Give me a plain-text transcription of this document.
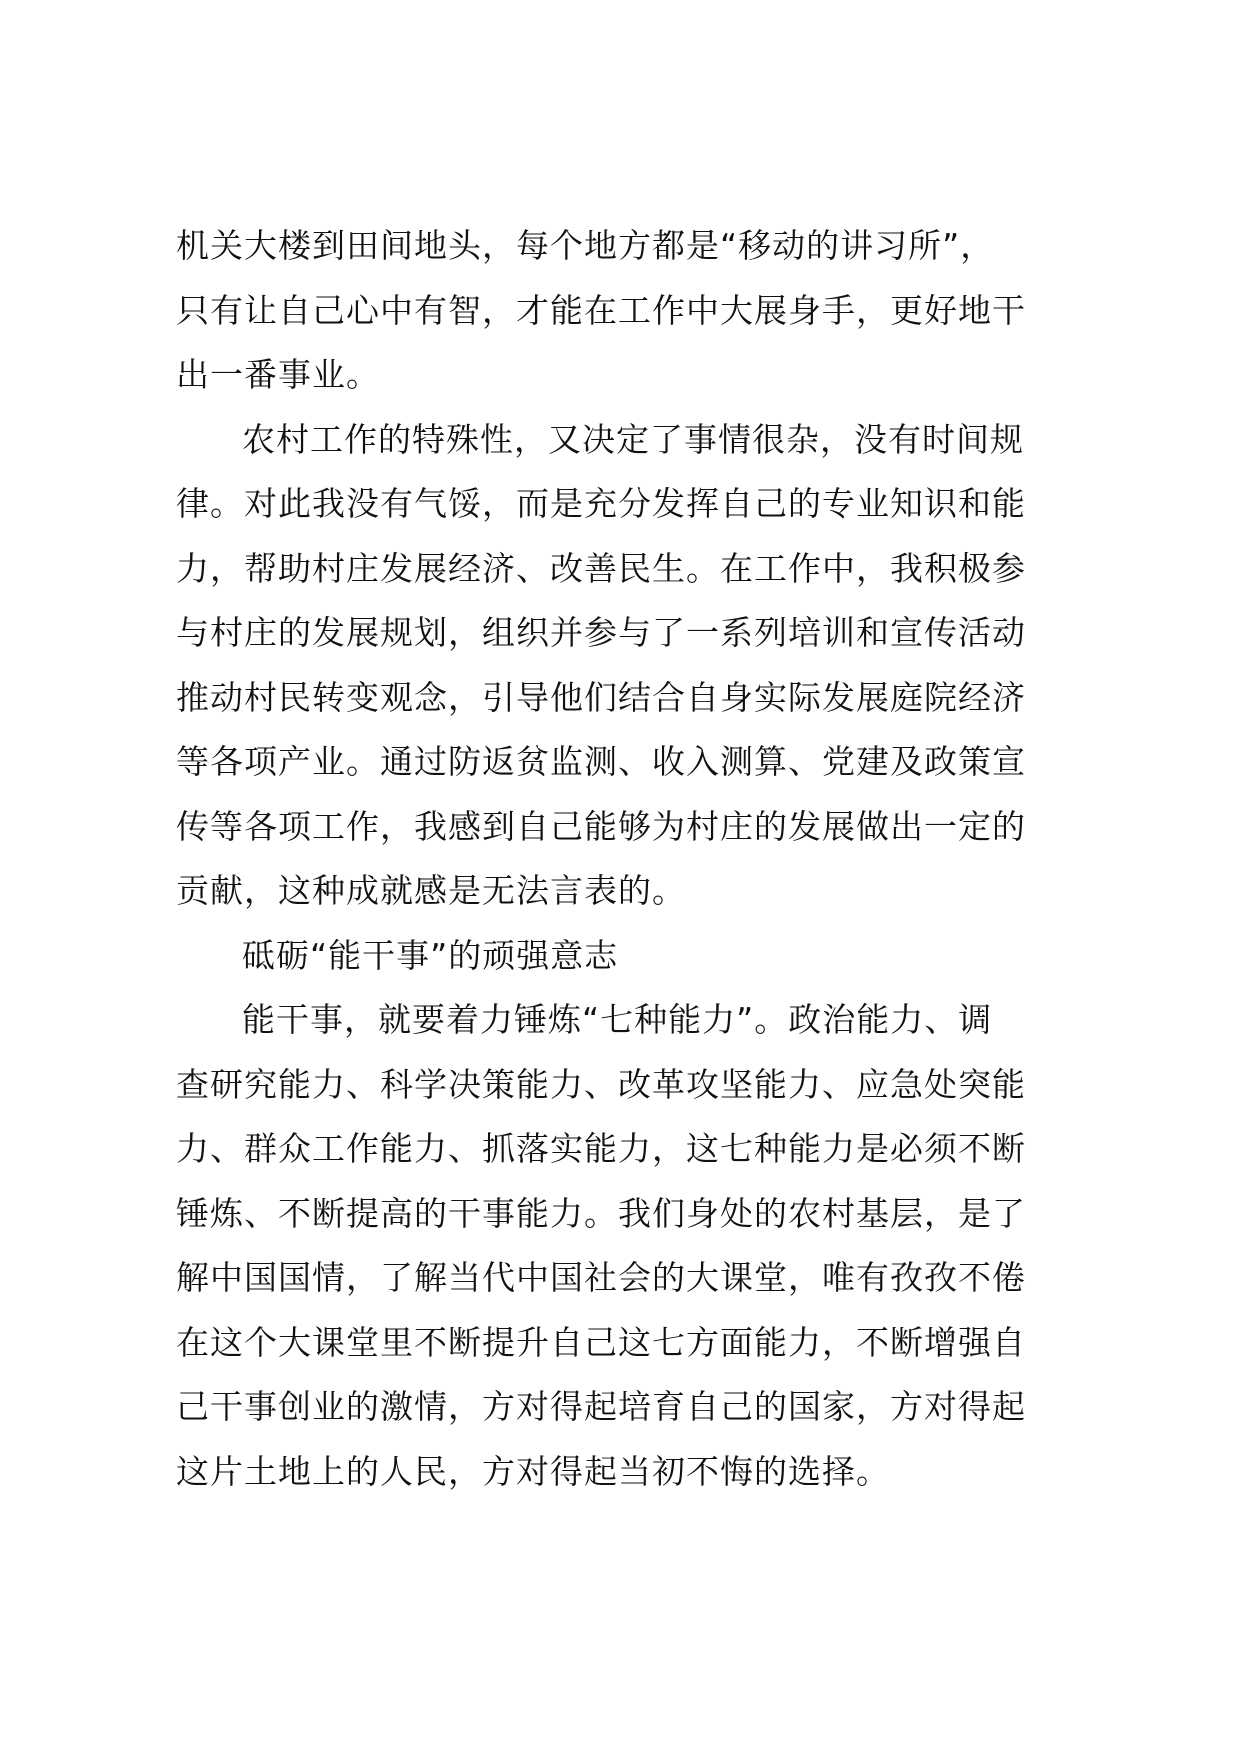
机关大楼到田间地头，每个地方都是“移动的讲习所”，
只有让自己心中有智，才能在工作中大展身手，更好地干
出一番事业。
农村工作的特殊性，又决定了事情很杂，没有时间规
律。对此我没有气馁，而是充分发挥自己的专业知识和能
力，帮助村庄发展经济、改善民生。在工作中，我积极参
与村庄的发展规划，组织并参与了一系列培训和宣传活动
推动村民转变观念，引导他们结合自身实际发展庭院经济
等各项产业。通过防返贫监测、收入测算、党建及政策宣
传等各项工作，我感到自己能够为村庄的发展做出一定的
贡献，这种成就感是无法言表的。
砥砺“能干事”的顽强意志
能干事，就要着力锤炼“七种能力”。政治能力、调
查研究能力、科学决策能力、改革攻坚能力、应急处突能
力、群众工作能力、抓落实能力，这七种能力是必须不断
锤炼、不断提高的干事能力。我们身处的农村基层，是了
解中国国情，了解当代中国社会的大课堂，唯有孜孜不倦
在这个大课堂里不断提升自己这七方面能力，不断增强自
己干事创业的激情，方对得起培育自己的国家，方对得起
这片土地上的人民，方对得起当初不悔的选择。
